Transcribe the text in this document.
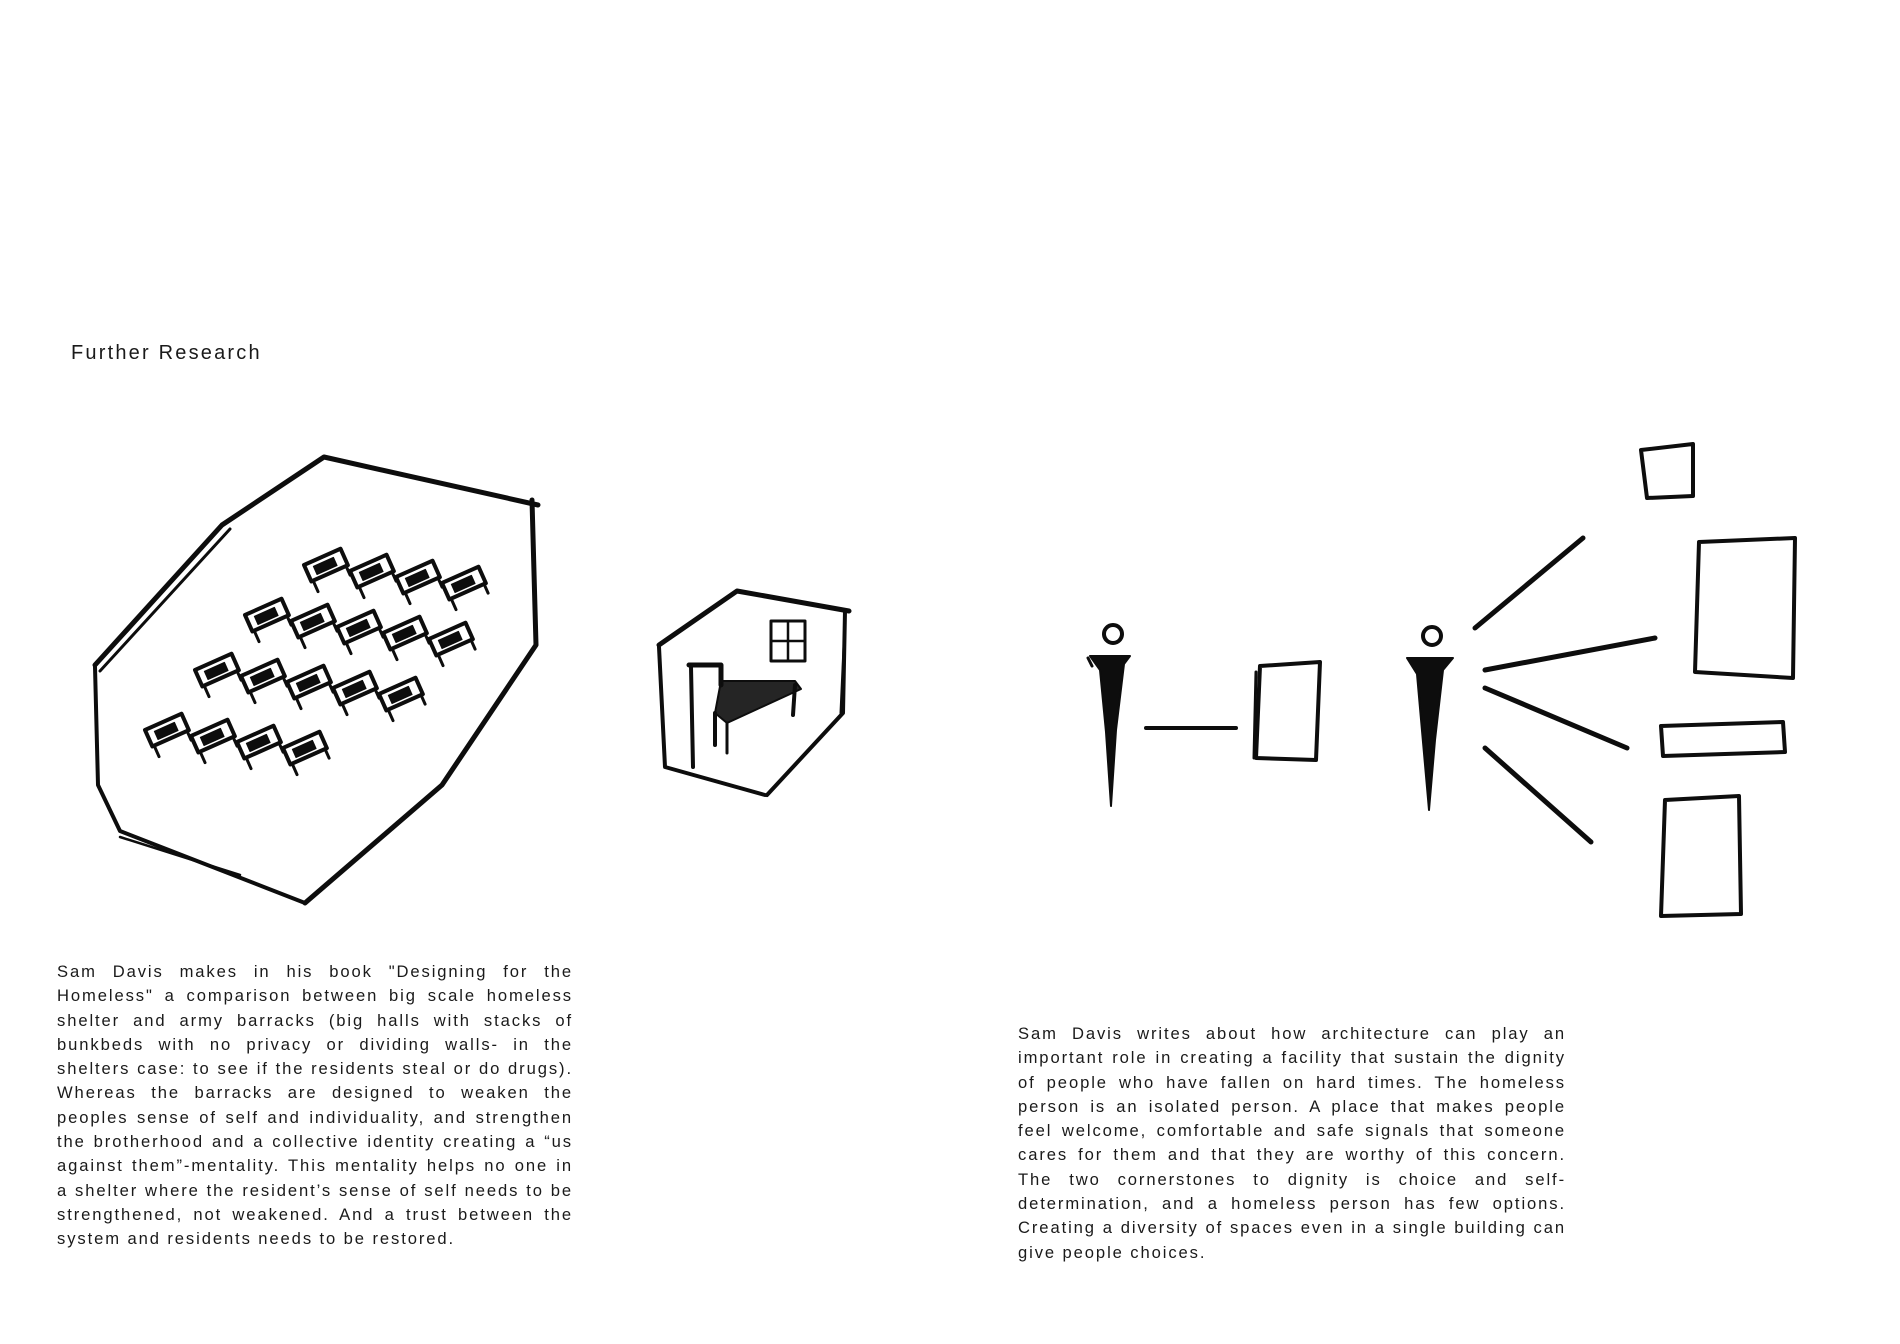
Further Research

Sam Davis makes in his book "Designing for the Homeless" a comparison between big scale homeless shelter and army barracks (big halls with stacks of bunkbeds with no privacy or dividing walls- in the shelters case: to see if the residents steal or do drugs). Whereas the barracks are designed to weaken the peoples sense of self and individuality, and strengthen the brotherhood and a collective identity creating a “us against them”-mentality. This mentality helps no one in a shelter where the resident’s sense of self needs to be strengthened, not weakened. And a trust between the system and residents needs to be restored.

Sam Davis writes about how architecture can play an important role in creating a facility that sustain the dignity of people who have fallen on hard times. The homeless person is an isolated person. A place that makes people feel welcome, comfortable and safe signals that someone cares for them and that they are worthy of this concern. The two cornerstones to dignity is choice and self-determination, and a homeless person has few options. Creating a diversity of spaces even in a single building can give people choices.
